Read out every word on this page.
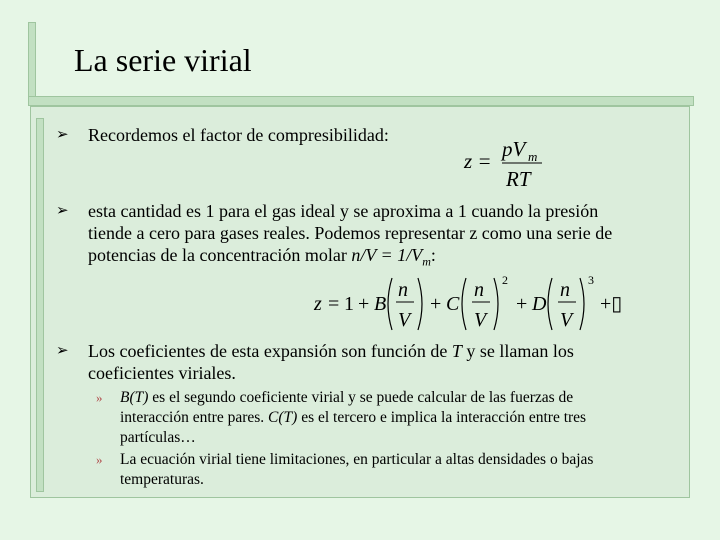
La serie virial
➢ Recordemos el factor de compresibilidad:
z = pV m
RT
➢ esta cantidad es 1 para el gas ideal y se aproxima a 1 cuando la presión
tiende a cero para gases reales. Podemos representar z como una serie de
potencias de la concentración molar $n/V = 1/V_m$:
z = 1 + B
n
V
+ C
n
V
2
+ D
n
V
3
+▯
➢ Los coeficientes de esta expansión son función de T y se llaman los
coeficientes viriales.
» B(T) es el segundo coeficiente virial y se puede calcular de las fuerzas de
interacción entre pares. C(T) es el tercero e implica la interacción entre tres
partículas…
» La ecuación virial tiene limitaciones, en particular a altas densidades o bajas
temperaturas.
